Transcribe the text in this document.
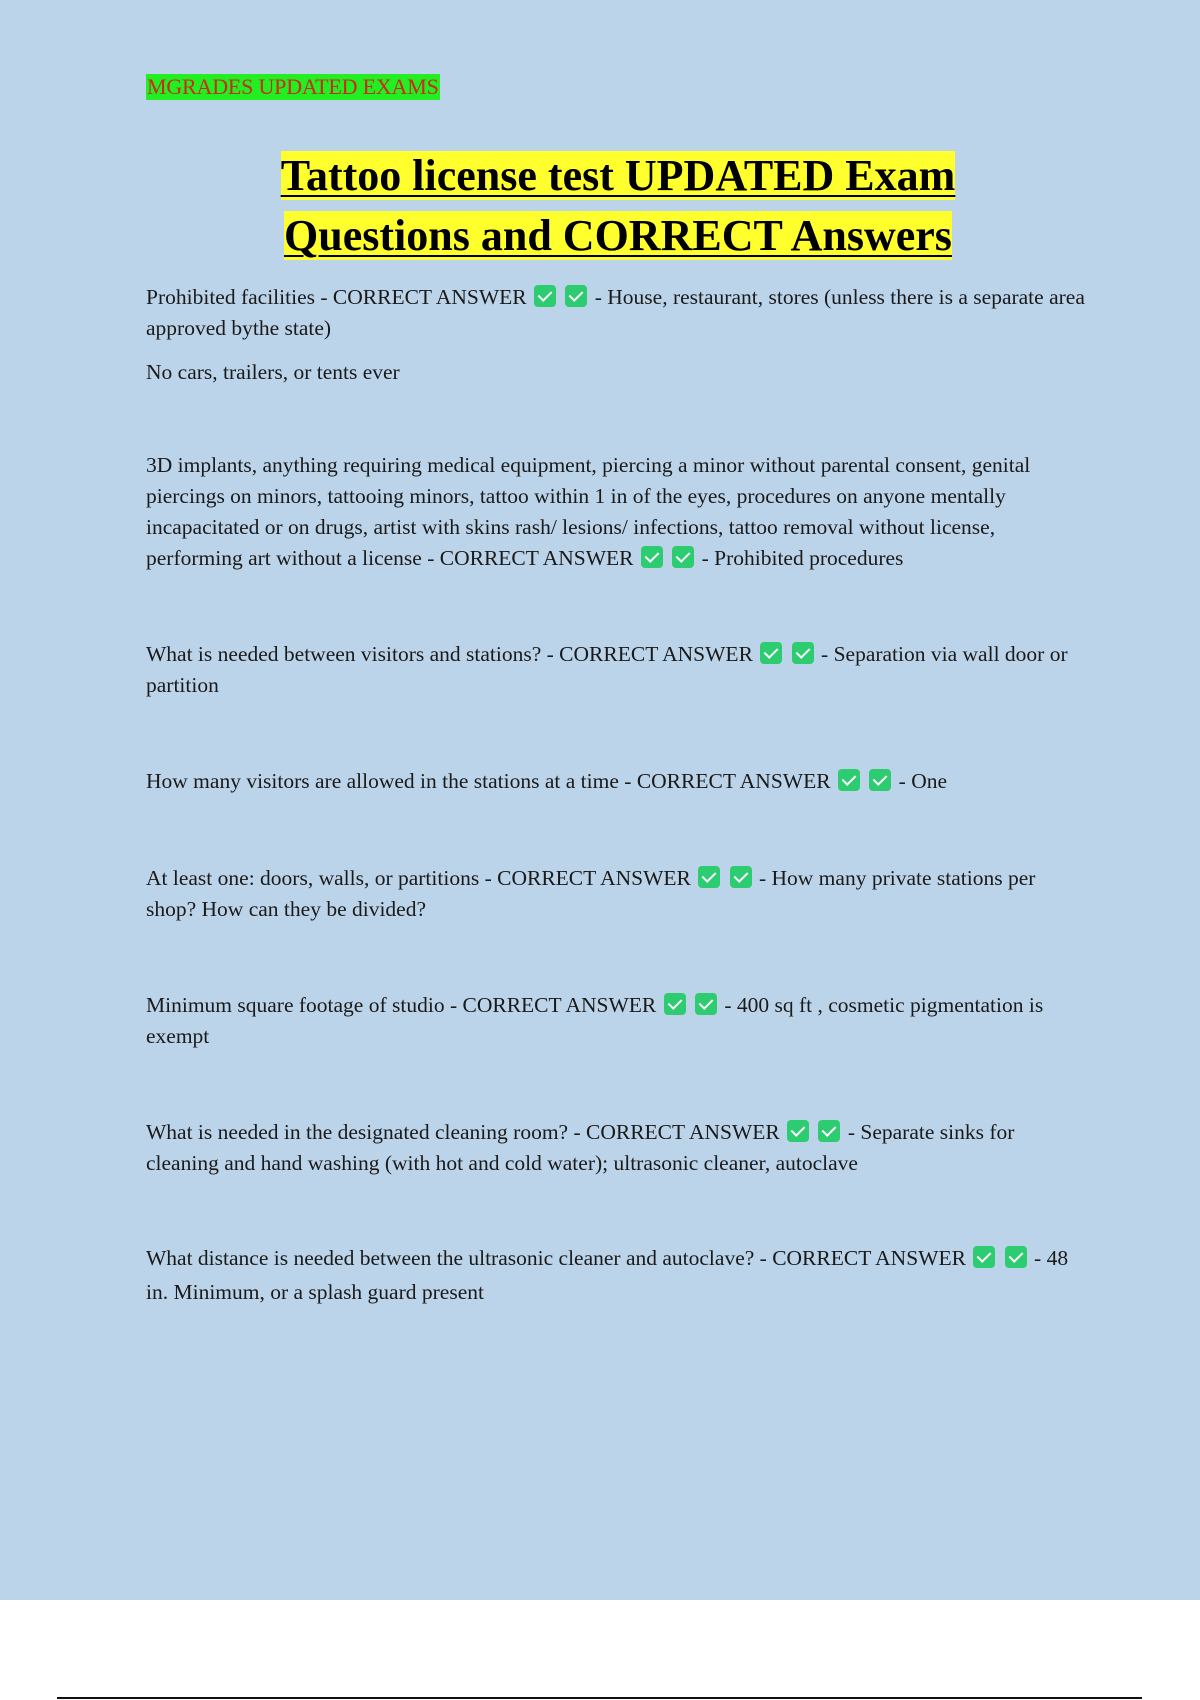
MGRADES UPDATED EXAMS
Tattoo license test UPDATED Exam
Questions and CORRECT Answers

Prohibited facilities - CORRECT ANSWER	- House, restaurant, stores (unless there is a separate area approved bythe state)

No cars, trailers, or tents ever

3D implants, anything requiring medical equipment, piercing a minor without parental consent, genital piercings on minors, tattooing minors, tattoo within 1 in of the eyes, procedures on anyone mentally incapacitated or on drugs, artist with skins rash/ lesions/ infections, tattoo removal without license, performing art without a license - CORRECT ANSWER	- Prohibited procedures

What is needed between visitors and stations? - CORRECT ANSWER	- Separation via wall door or partition

How many visitors are allowed in the stations at a time - CORRECT ANSWER	- One

At least one: doors, walls, or partitions - CORRECT ANSWER	- How many private stations per shop? How can they be divided?

Minimum square footage of studio - CORRECT ANSWER	- 400 sq ft , cosmetic pigmentation is exempt

What is needed in the designated cleaning room? - CORRECT ANSWER	- Separate sinks for cleaning and hand washing (with hot and cold water); ultrasonic cleaner, autoclave

What distance is needed between the ultrasonic cleaner and autoclave? - CORRECT ANSWER	- 48 in. Minimum, or a splash guard present
